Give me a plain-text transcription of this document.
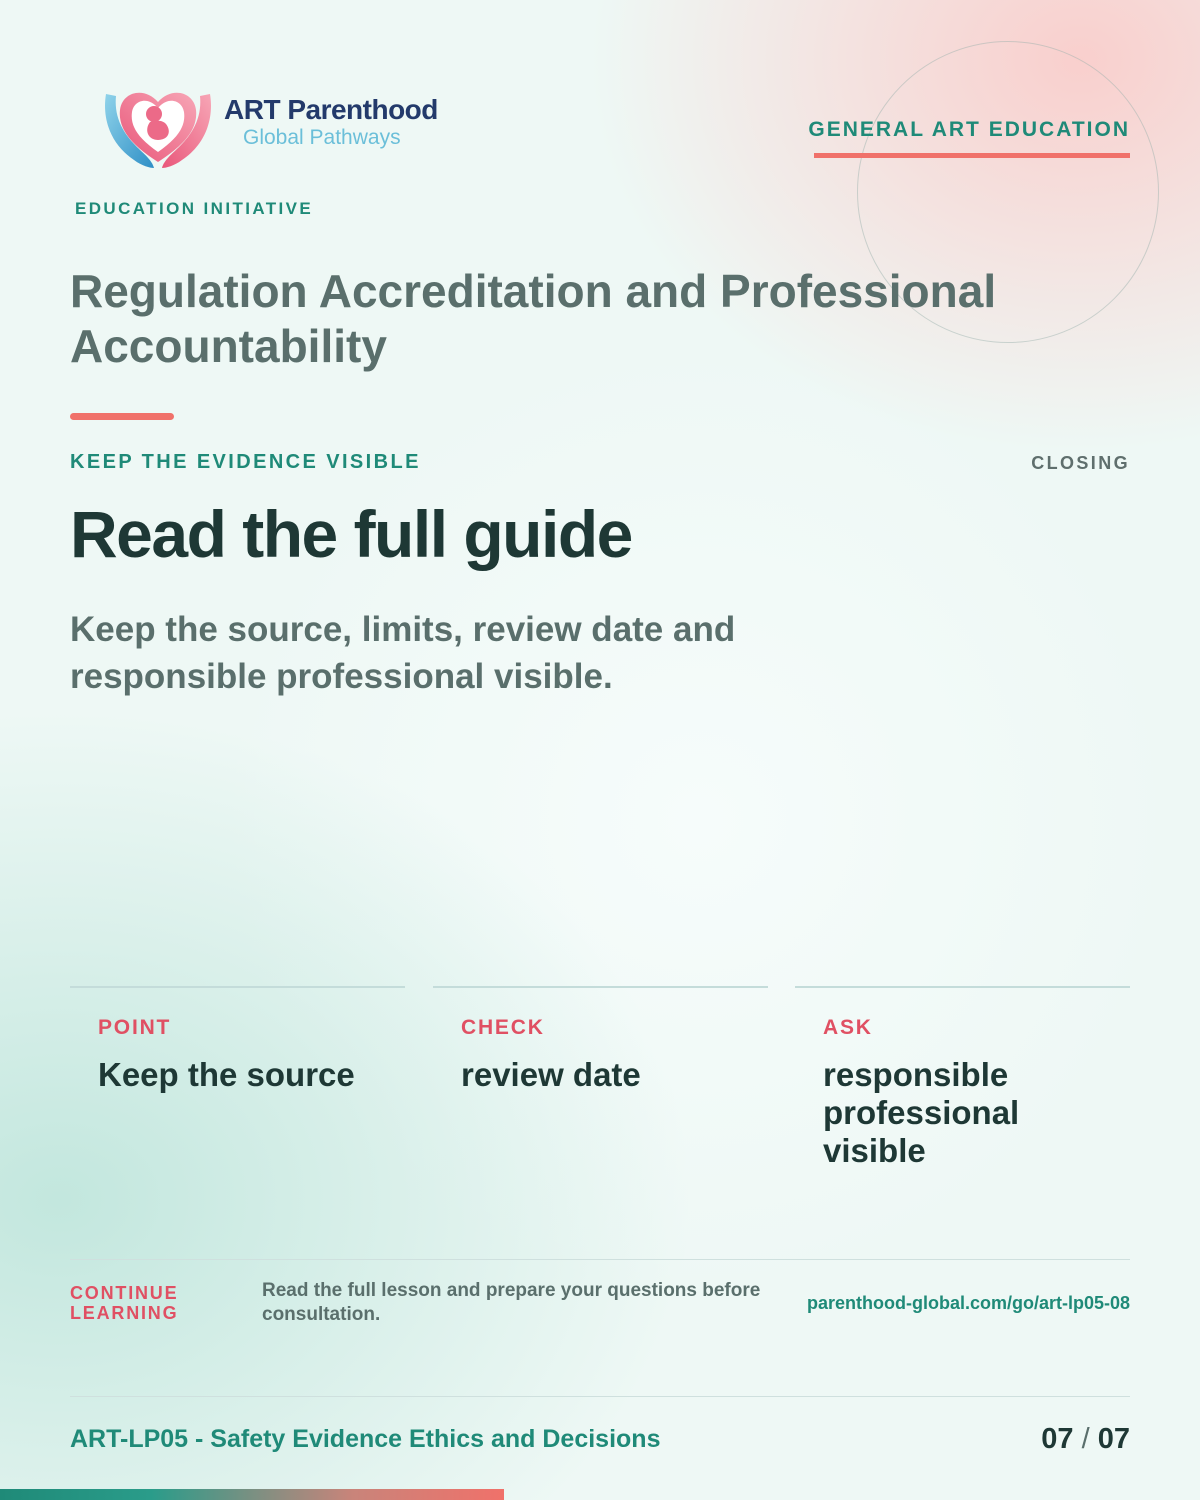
ART Parenthood
Global Pathways
EDUCATION INITIATIVE
GENERAL ART EDUCATION
Regulation Accreditation and Professional Accountability
KEEP THE EVIDENCE VISIBLE	CLOSING
Read the full guide
Keep the source, limits, review date and responsible professional visible.
POINT
Keep the source
CHECK
review date
ASK
responsible professional visible
CONTINUE LEARNING
Read the full lesson and prepare your questions before consultation.
parenthood-global.com/go/art-lp05-08
ART-LP05 - Safety Evidence Ethics and Decisions	07 / 07
